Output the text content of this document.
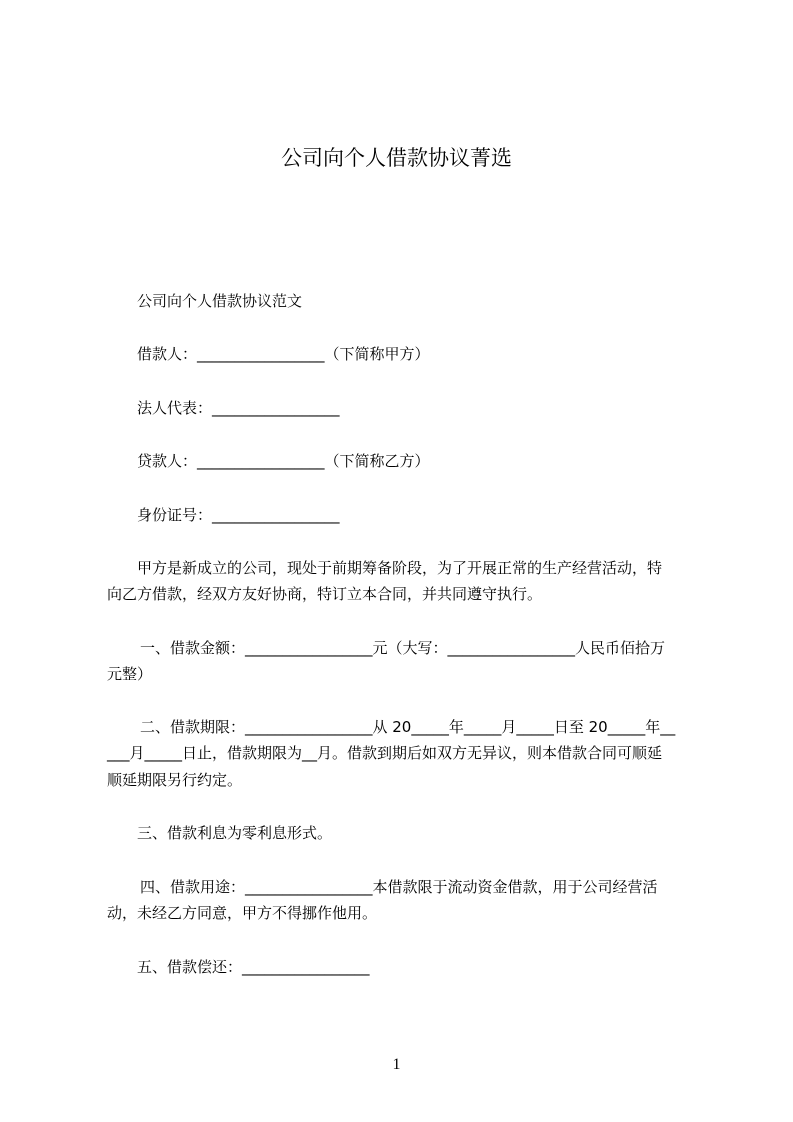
公司向个人借款协议菁选
公司向个人借款协议范文
借款人：_________________（下简称甲方）
法人代表：_________________
贷款人：_________________（下简称乙方）
身份证号：_________________
甲方是新成立的公司，现处于前期筹备阶段，为了开展正常的生产经营活动，特
向乙方借款，经双方友好协商，特订立本合同，并共同遵守执行。
一、借款金额：_________________元（大写：_________________人民币佰拾万
元整）
二、借款期限：_________________从 20_____年_____月_____日至 20_____年__
___月_____日止，借款期限为__月。借款到期后如双方无异议，则本借款合同可顺延
顺延期限另行约定。
三、借款利息为零利息形式。
四、借款用途：_________________本借款限于流动资金借款，用于公司经营活
动，未经乙方同意，甲方不得挪作他用。
五、借款偿还：_________________
1
